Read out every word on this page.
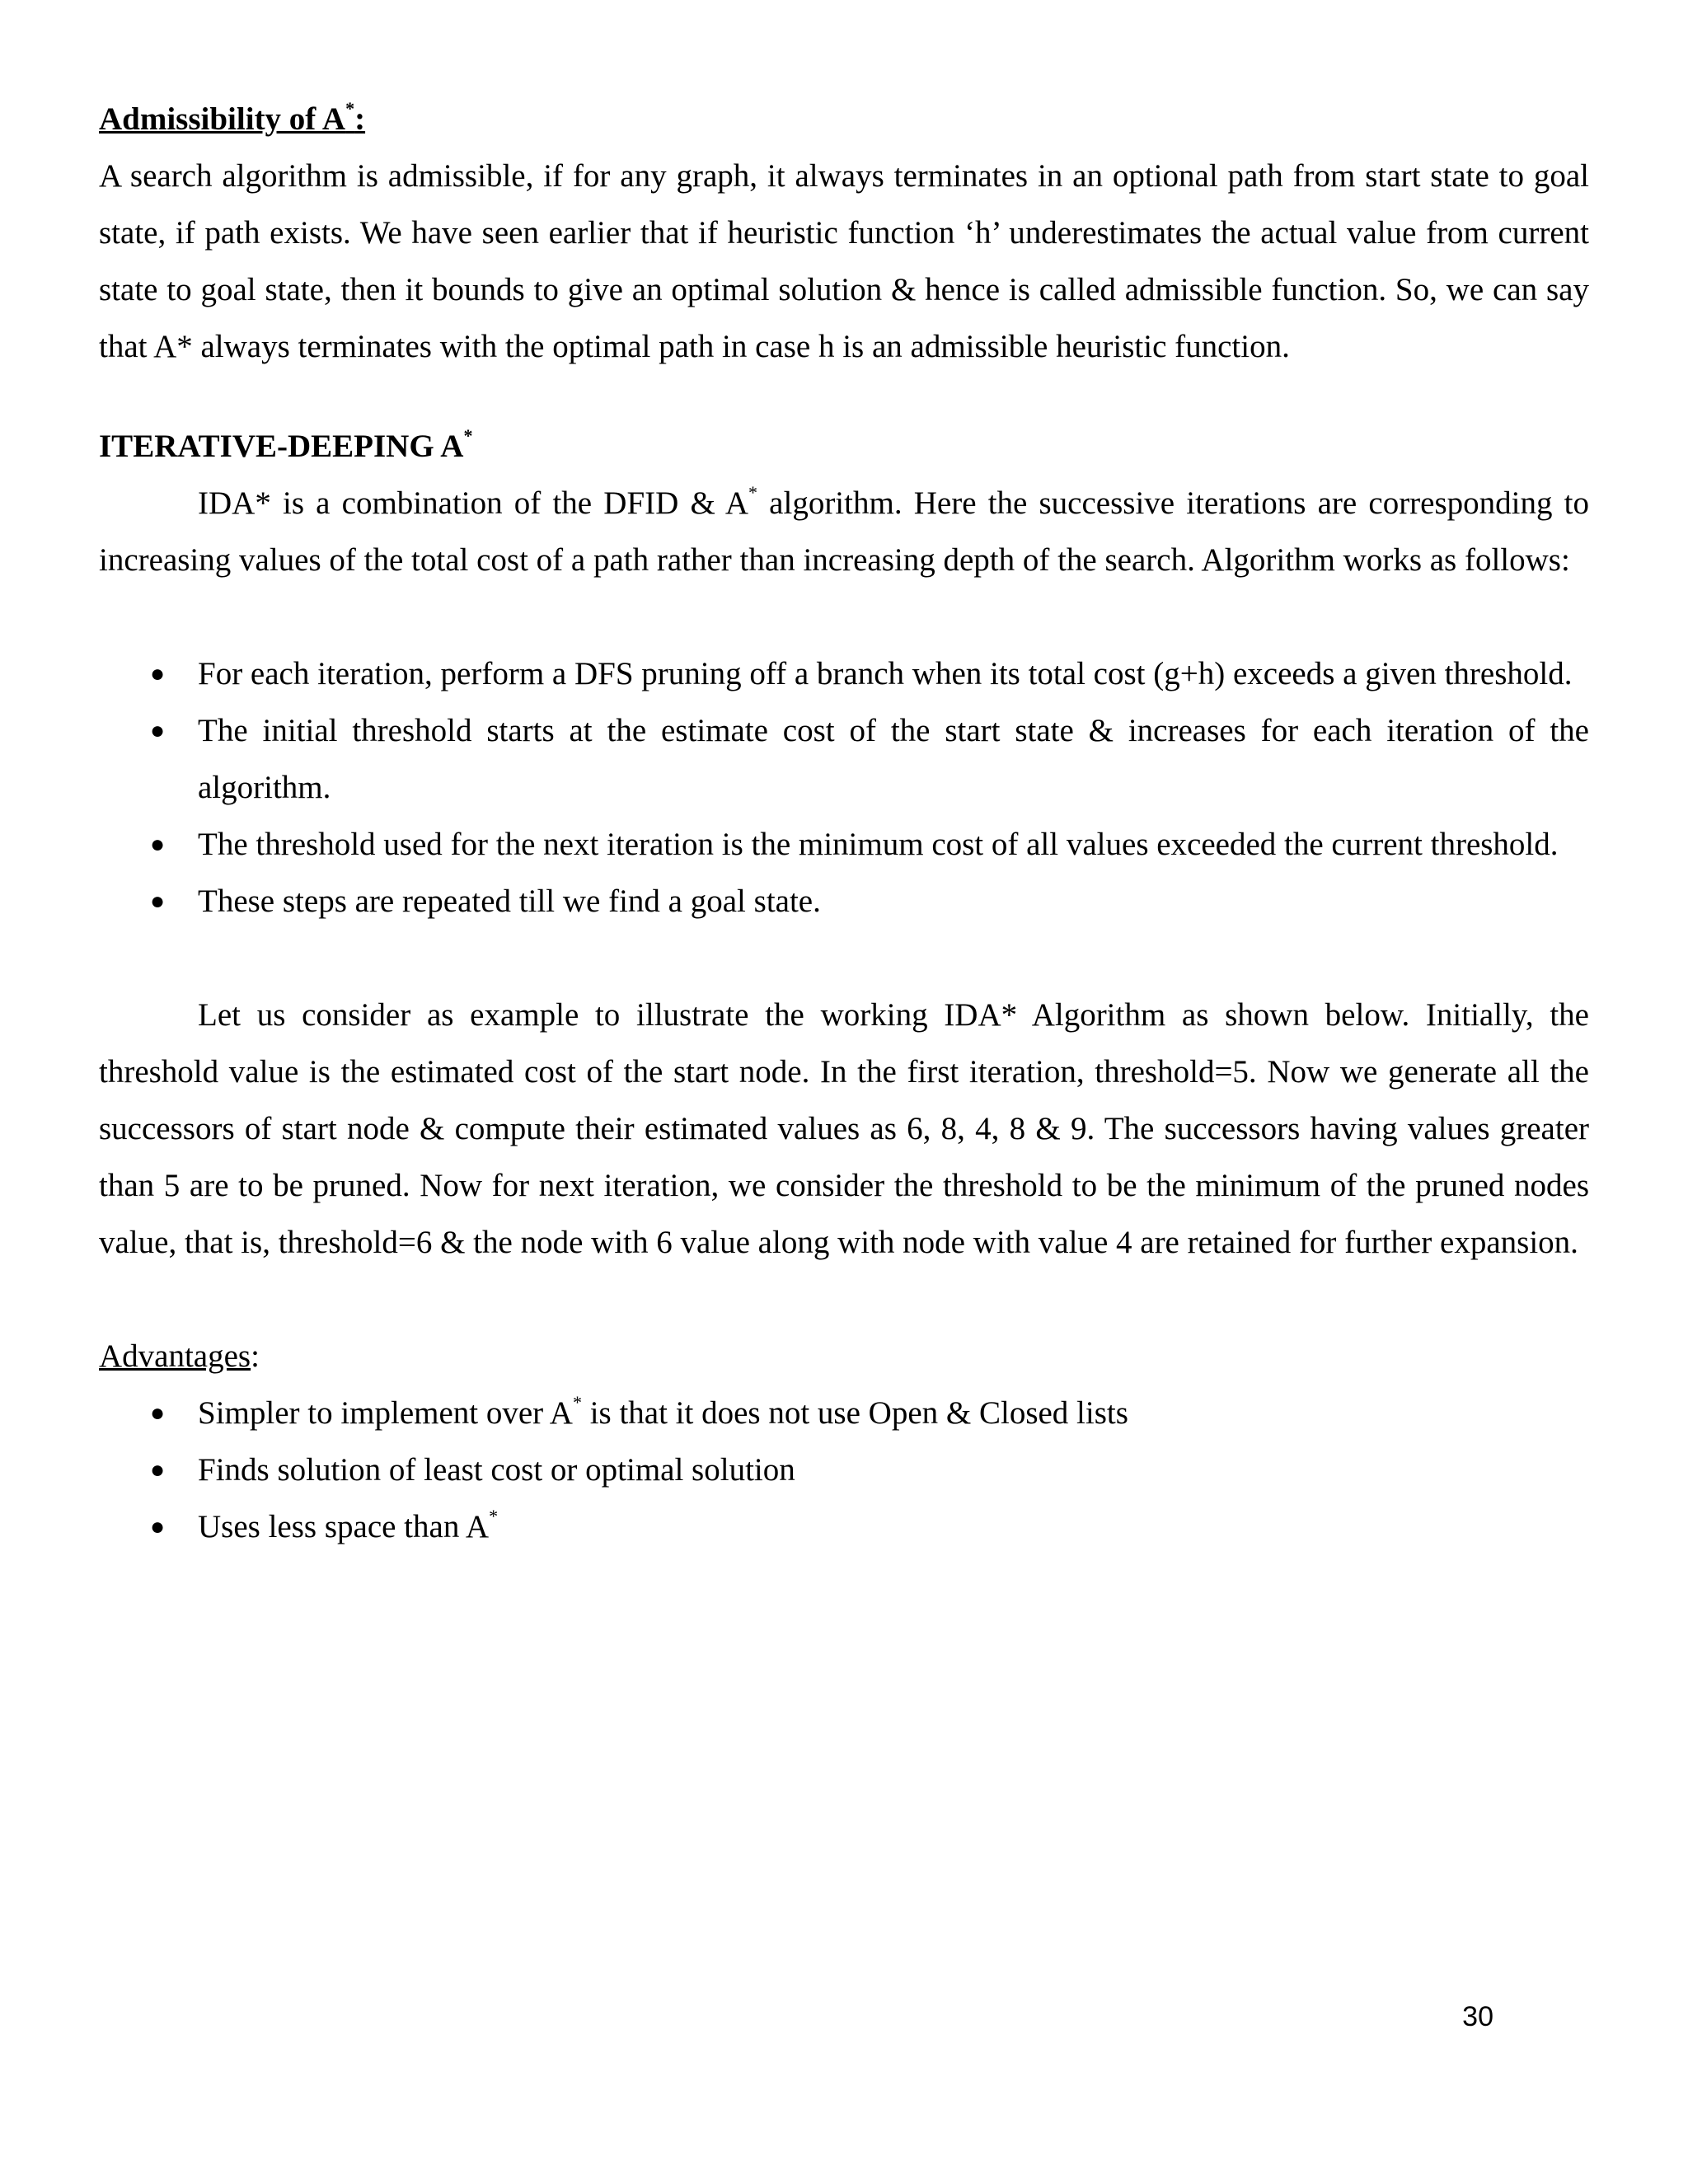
Admissibility of A*:

A search algorithm is admissible, if for any graph, it always terminates in an optional path from start state to goal state, if path exists. We have seen earlier that if heuristic function ‘h’ underestimates the actual value from current state to goal state, then it bounds to give an optimal solution & hence is called admissible function. So, we can say that A* always terminates with the optimal path in case h is an admissible heuristic function.

ITERATIVE-DEEPING A*

IDA* is a combination of the DFID & A* algorithm. Here the successive iterations are corresponding to increasing values of the total cost of a path rather than increasing depth of the search. Algorithm works as follows:

● For each iteration, perform a DFS pruning off a branch when its total cost (g+h) exceeds a given threshold.
● The initial threshold starts at the estimate cost of the start state & increases for each iteration of the algorithm.
● The threshold used for the next iteration is the minimum cost of all values exceeded the current threshold.
● These steps are repeated till we find a goal state.

Let us consider as example to illustrate the working IDA* Algorithm as shown below. Initially, the threshold value is the estimated cost of the start node. In the first iteration, threshold=5. Now we generate all the successors of start node & compute their estimated values as 6, 8, 4, 8 & 9. The successors having values greater than 5 are to be pruned. Now for next iteration, we consider the threshold to be the minimum of the pruned nodes value, that is, threshold=6 & the node with 6 value along with node with value 4 are retained for further expansion.

Advantages:

● Simpler to implement over A* is that it does not use Open & Closed lists
● Finds solution of least cost or optimal solution
● Uses less space than A*
30
